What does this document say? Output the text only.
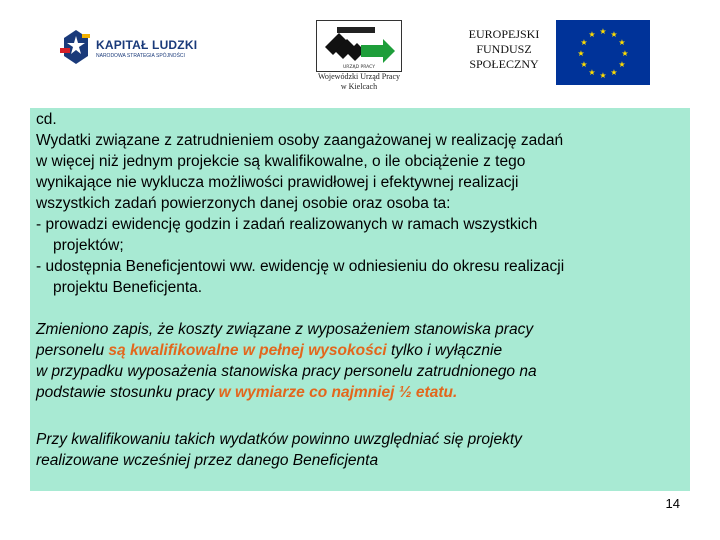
KAPITAŁ LUDZKI
NARODOWA STRATEGIA SPÓJNOŚCI
URZĄD PRACY
Wojewódzki Urząd Pracy
w Kielcach
EUROPEJSKI
FUNDUSZ
SPOŁECZNY
★ ★
★
★
★
★
★
★
★
★
★
★
cd.
Wydatki związane z zatrudnieniem osoby zaangażowanej w realizację zadań
w więcej niż jednym projekcie są kwalifikowalne, o ile obciążenie z tego
wynikające nie wyklucza możliwości prawidłowej i efektywnej realizacji
wszystkich zadań powierzonych danej osobie oraz osoba ta:
- prowadzi ewidencję godzin i zadań realizowanych w ramach wszystkich
projektów;
- udostępnia Beneficjentowi ww. ewidencję w odniesieniu do okresu realizacji
projektu Beneficjenta.
Zmieniono zapis, że koszty związane z wyposażeniem stanowiska pracy
personelu są kwalifikowalne w pełnej wysokości tylko i wyłącznie
w przypadku wyposażenia stanowiska pracy personelu zatrudnionego na
podstawie stosunku pracy w wymiarze co najmniej ½ etatu.
Przy kwalifikowaniu takich wydatków powinno uwzględniać się projekty
realizowane wcześniej przez danego Beneficjenta
14
